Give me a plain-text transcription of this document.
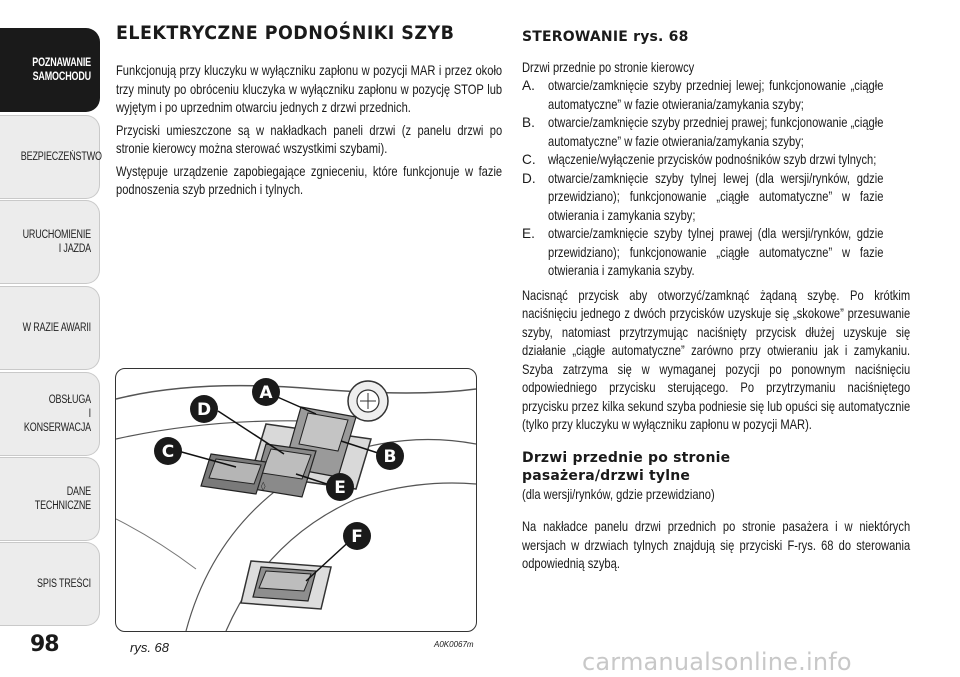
POZNAWANIE
SAMOCHODU
BEZPIECZEŃSTWO
URUCHOMIENIE
I JAZDA
W RAZIE AWARII
OBSŁUGA
I KONSERWACJA
DANE
TECHNICZNE
SPIS TREŚCI
98
ELEKTRYCZNE PODNOŚNIKI SZYB
Funkcjonują przy kluczyku w wyłączniku zapłonu w pozycji MAR i przez około trzy minuty po obróceniu kluczyka w wyłączniku zapłonu w pozycję STOP lub wyjętym i po uprzednim otwarciu jednych z drzwi przednich.
Przyciski umieszczone są w nakładkach paneli drzwi (z panelu drzwi po stronie kierowcy można sterować wszystkimi szybami).
Występuje urządzenie zapobiegające zgnieceniu, które funkcjonuje w fazie podnoszenia szyb przednich i tylnych.
◊
A
D
C	B
E
F
rys. 68	A0K0067m
STEROWANIE rys. 68
Drzwi przednie po stronie kierowcy
A. otwarcie/zamknięcie szyby przedniej lewej; funkcjonowanie „ciągłe automatyczne” w fazie otwierania/zamykania szyby;
B. otwarcie/zamknięcie szyby przedniej prawej; funkcjonowanie „ciągłe automatyczne” w fazie otwierania/zamykania szyby;
C. włączenie/wyłączenie przycisków podnośników szyb drzwi tylnych;
D. otwarcie/zamknięcie szyby tylnej lewej (dla wersji/rynków, gdzie przewidziano); funkcjonowanie „ciągłe automatyczne” w fazie otwierania i zamykania szyby;
E. otwarcie/zamknięcie szyby tylnej prawej (dla wersji/rynków, gdzie przewidziano); funkcjonowanie „ciągłe automatyczne” w fazie otwierania i zamykania szyby.

Nacisnąć przycisk aby otworzyć/zamknąć żądaną szybę. Po krótkim naciśnięciu jednego z dwóch przycisków uzyskuje się „skokowe” przesuwanie szyby, natomiast przytrzymując naciśnięty przycisk dłużej uzyskuje się działanie „ciągłe automatyczne” zarówno przy otwieraniu jak i zamykaniu. Szyba zatrzyma się w wymaganej pozycji po ponownym naciśnięciu odpowiedniego przycisku sterującego. Po przytrzymaniu naciśniętego przycisku przez kilka sekund szyba podniesie się lub opuści się automatycznie (tylko przy kluczyku w wyłączniku zapłonu w pozycji MAR).

Drzwi przednie po stronie
pasażera/drzwi tylne
(dla wersji/rynków, gdzie przewidziano)

Na nakładce panelu drzwi przednich po stronie pasażera i w niektórych wersjach w drzwiach tylnych znajdują się przyciski F-rys. 68 do sterowania odpowiednią szybą.

carmanualsonline.info
